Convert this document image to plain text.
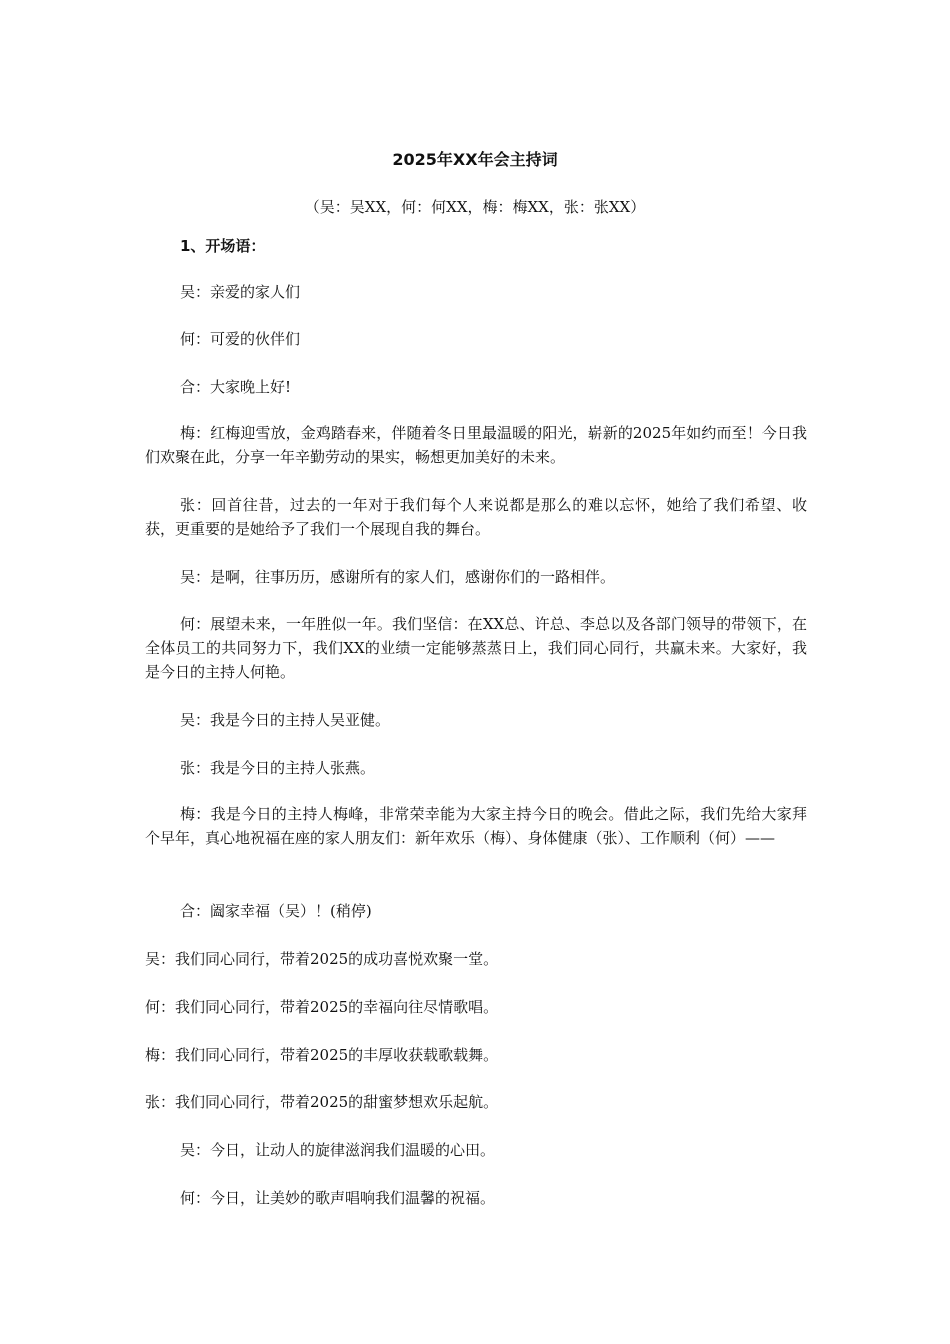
2025年XX年会主持词
（吴：吴XX，何：何XX，梅：梅XX，张：张XX）
1、开场语：
吴：亲爱的家人们
何：可爱的伙伴们
合：大家晚上好!
梅：红梅迎雪放，金鸡踏春来，伴随着冬日里最温暖的阳光，崭新的2025年如约而至！今日我们欢聚在此，分享一年辛勤劳动的果实，畅想更加美好的未来。
张：回首往昔，过去的一年对于我们每个人来说都是那么的难以忘怀，她给了我们希望、收获，更重要的是她给予了我们一个展现自我的舞台。
吴：是啊，往事历历，感谢所有的家人们，感谢你们的一路相伴。
何：展望未来，一年胜似一年。我们坚信：在XX总、许总、李总以及各部门领导的带领下，在全体员工的共同努力下，我们XX的业绩一定能够蒸蒸日上，我们同心同行，共赢未来。大家好，我是今日的主持人何艳。
吴：我是今日的主持人吴亚健。
张：我是今日的主持人张燕。
梅：我是今日的主持人梅峰，非常荣幸能为大家主持今日的晚会。借此之际，我们先给大家拜个早年，真心地祝福在座的家人朋友们：新年欢乐（梅）、身体健康（张）、工作顺利（何）——
合：阖家幸福（吴）！(稍停)
吴：我们同心同行，带着2025的成功喜悦欢聚一堂。
何：我们同心同行，带着2025的幸福向往尽情歌唱。
梅：我们同心同行，带着2025的丰厚收获载歌载舞。
张：我们同心同行，带着2025的甜蜜梦想欢乐起航。
吴：今日，让动人的旋律滋润我们温暖的心田。
何：今日，让美妙的歌声唱响我们温馨的祝福。
